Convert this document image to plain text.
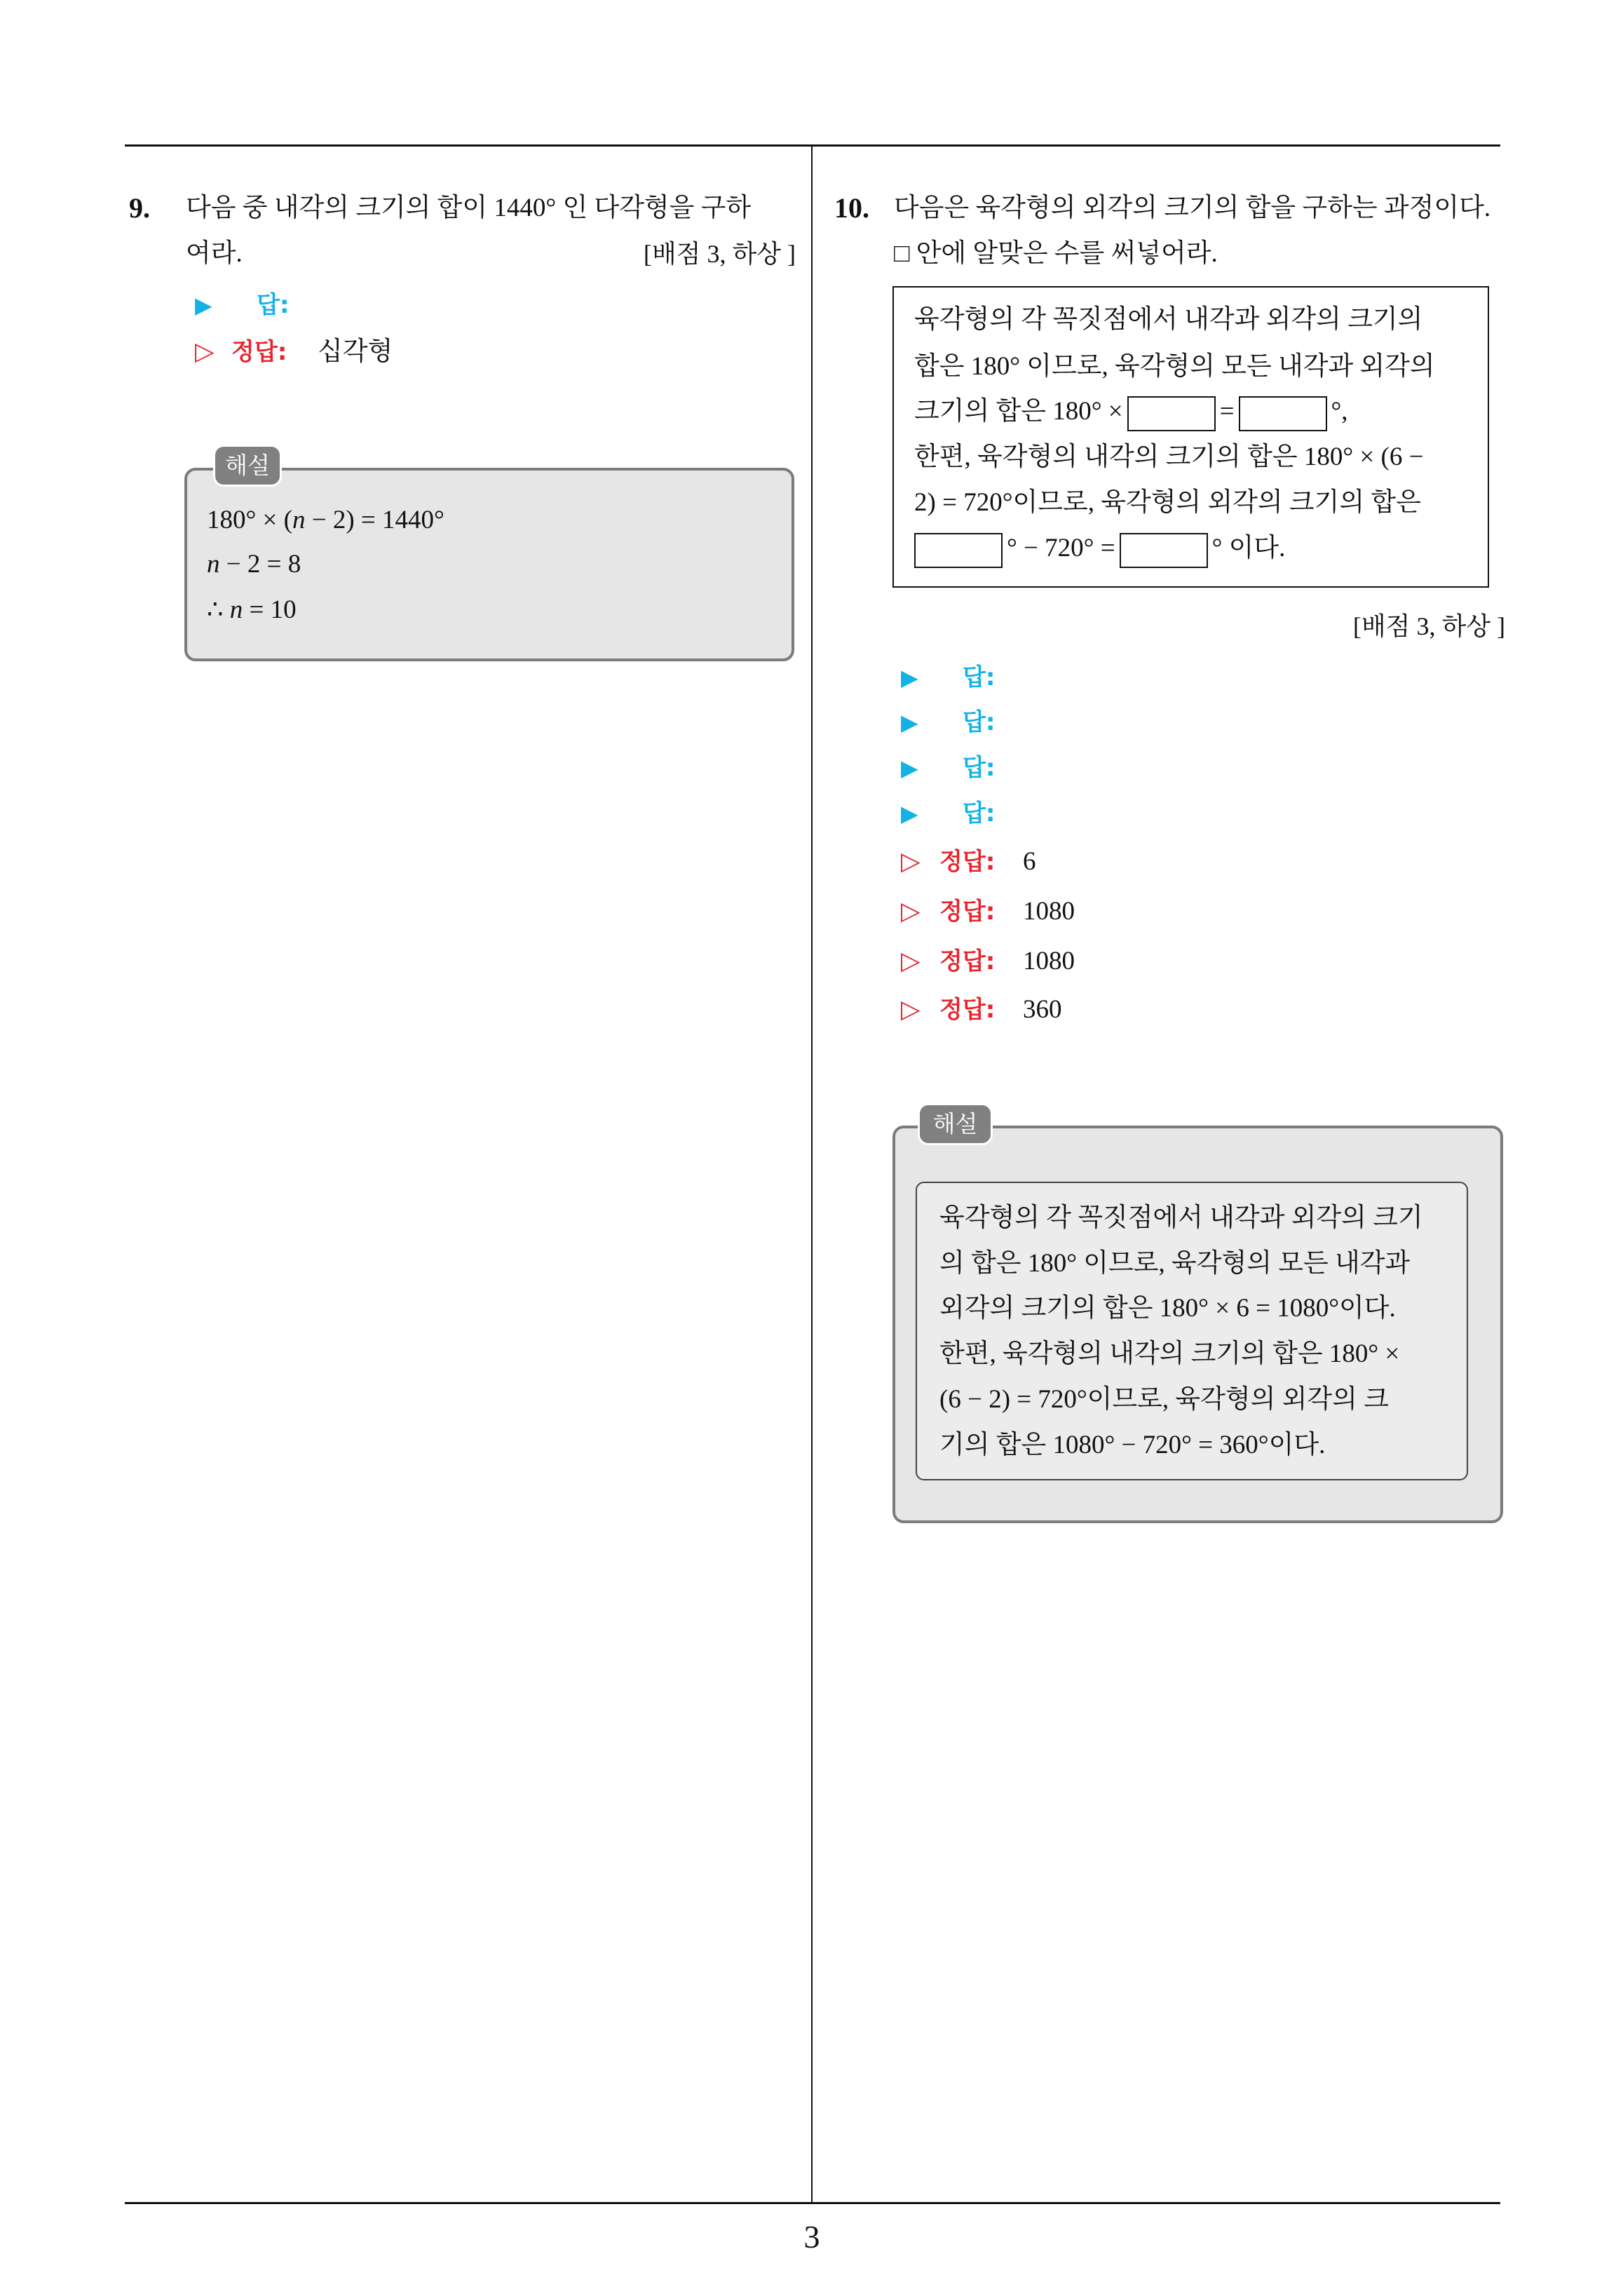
9. 다음 중 내각의 크기의 합이 1440° 인 다각형을 구하
여라.	[배점 3, 하상 ]
▶ 답:
▷ 정답: 십각형
180° × (n − 2) = 1440°
n − 2 = 8
∴ n = 10
해설
10. 다음은 육각형의 외각의 크기의 합을 구하는 과정이다.
□ 안에 알맞은 수를 써넣어라.
육각형의 각 꼭짓점에서 내각과 외각의 크기의
합은 180° 이므로, 육각형의 모든 내각과 외각의
크기의 합은 180° ×	=	°,
한편, 육각형의 내각의 크기의 합은 180° × (6 −
2) = 720°이므로, 육각형의 외각의 크기의 합은
° − 720° =	° 이다.
[배점 3, 하상 ]
▶ 답:
▶ 답:
▶ 답:
▶ 답:
▷ 정답: 6
▷ 정답: 1080
▷ 정답: 1080
▷ 정답: 360
육각형의 각 꼭짓점에서 내각과 외각의 크기
의 합은 180° 이므로, 육각형의 모든 내각과
외각의 크기의 합은 180° × 6 = 1080°이다.
한편, 육각형의 내각의 크기의 합은 180° ×
(6 − 2) = 720°이므로, 육각형의 외각의 크
기의 합은 1080° − 720° = 360°이다.
해설
3
